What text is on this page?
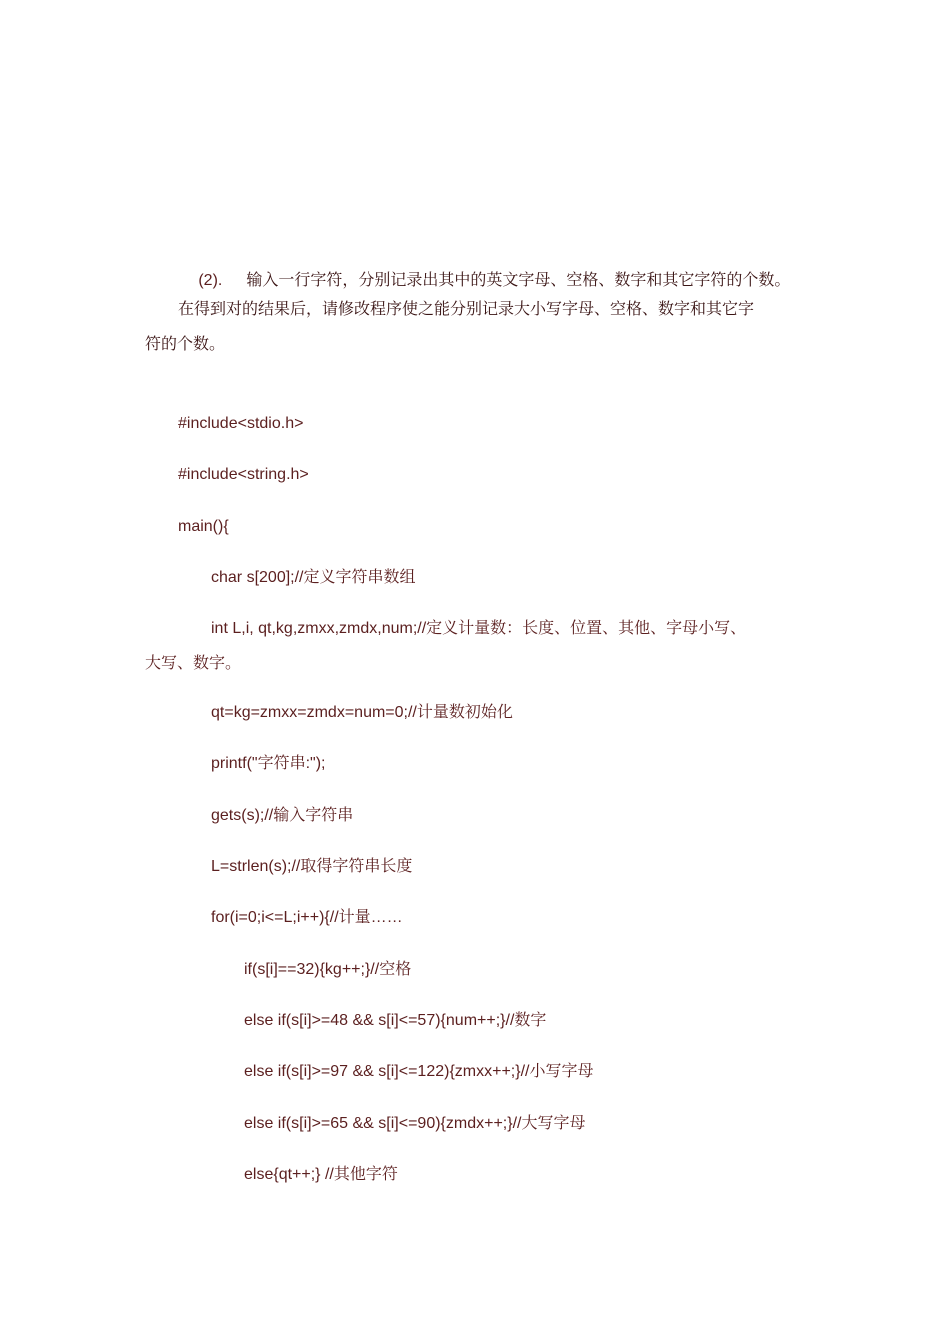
(2). 输入一行字符，分别记录出其中的英文字母、空格、数字和其它字符的个数。

在得到对的结果后，请修改程序使之能分别记录大小写字母、空格、数字和其它字
符的个数。
#include<stdio.h>
#include<string.h>
main(){
char s[200];//定义字符串数组
int L,i, qt,kg,zmxx,zmdx,num;//定义计量数：长度、位置、其他、字母小写、
大写、数字。
qt=kg=zmxx=zmdx=num=0;//计量数初始化
printf("字符串:");
gets(s);//输入字符串
L=strlen(s);//取得字符串长度
for(i=0;i<=L;i++){//计量……
if(s[i]==32){kg++;}//空格
else if(s[i]>=48 && s[i]<=57){num++;}//数字
else if(s[i]>=97 && s[i]<=122){zmxx++;}//小写字母
else if(s[i]>=65 && s[i]<=90){zmdx++;}//大写字母
else{qt++;} //其他字符
